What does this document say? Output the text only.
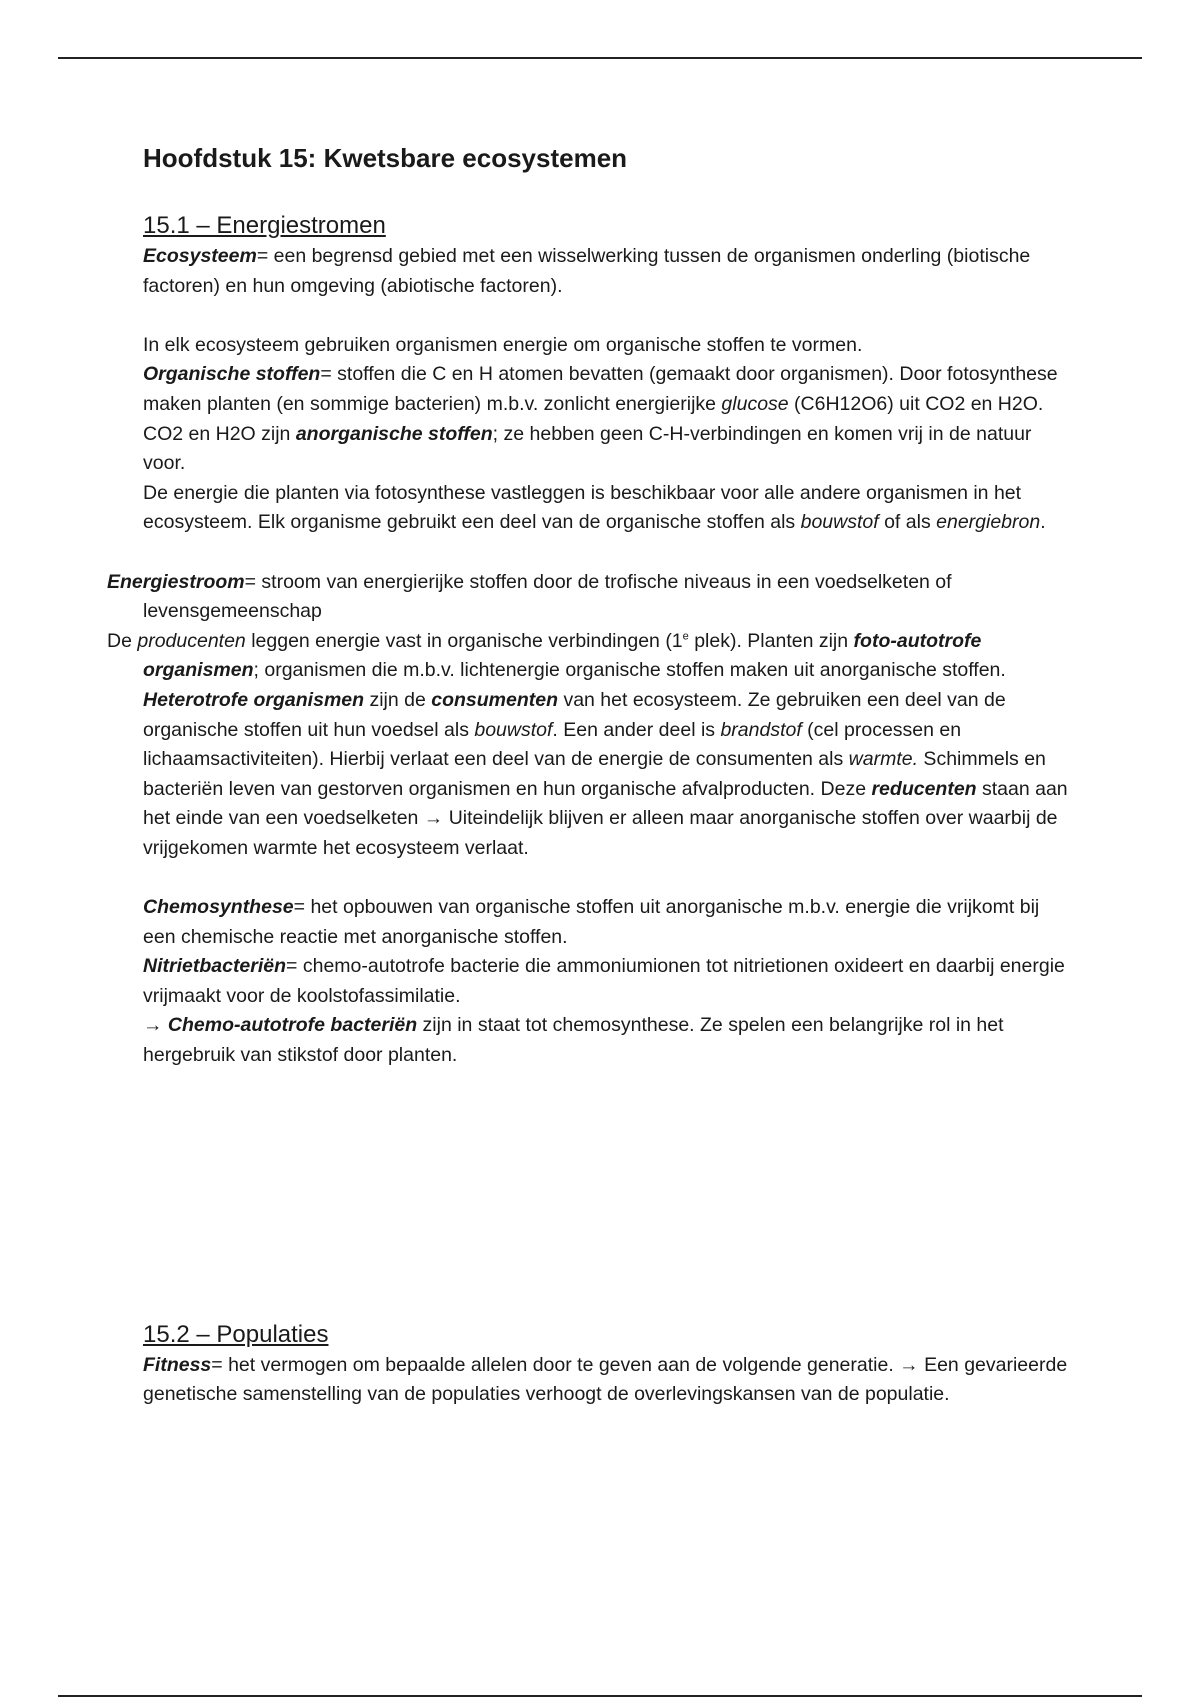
Hoofdstuk 15: Kwetsbare ecosystemen
15.1 – Energiestromen

Ecosysteem= een begrensd gebied met een wisselwerking tussen de organismen onderling (biotische factoren) en hun omgeving (abiotische factoren).

In elk ecosysteem gebruiken organismen energie om organische stoffen te vormen.

Organische stoffen= stoffen die C en H atomen bevatten (gemaakt door organismen). Door fotosynthese maken planten (en sommige bacterien) m.b.v. zonlicht energierijke glucose (C6H12O6) uit CO2 en H2O.

CO2 en H2O zijn anorganische stoffen; ze hebben geen C-H-verbindingen en komen vrij in de natuur voor.

De energie die planten via fotosynthese vastleggen is beschikbaar voor alle andere organismen in het ecosysteem. Elk organisme gebruikt een deel van de organische stoffen als bouwstof of als energiebron.

Energiestroom= stroom van energierijke stoffen door de trofische niveaus in een voedselketen of levensgemeenschap

De producenten leggen energie vast in organische verbindingen (1e plek). Planten zijn foto-autotrofe organismen; organismen die m.b.v. lichtenergie organische stoffen maken uit anorganische stoffen. Heterotrofe organismen zijn de consumenten van het ecosysteem. Ze gebruiken een deel van de organische stoffen uit hun voedsel als bouwstof. Een ander deel is brandstof (cel processen en lichaamsactiviteiten). Hierbij verlaat een deel van de energie de consumenten als warmte. Schimmels en bacteriën leven van gestorven organismen en hun organische afvalproducten. Deze reducenten staan aan het einde van een voedselketen → Uiteindelijk blijven er alleen maar anorganische stoffen over waarbij de vrijgekomen warmte het ecosysteem verlaat.

Chemosynthese= het opbouwen van organische stoffen uit anorganische m.b.v. energie die vrijkomt bij een chemische reactie met anorganische stoffen.

Nitrietbacteriën= chemo-autotrofe bacterie die ammoniumionen tot nitrietionen oxideert en daarbij energie vrijmaakt voor de koolstofassimilatie.

→ Chemo-autotrofe bacteriën zijn in staat tot chemosynthese. Ze spelen een belangrijke rol in het hergebruik van stikstof door planten.

15.2 – Populaties

Fitness= het vermogen om bepaalde allelen door te geven aan de volgende generatie. → Een gevarieerde genetische samenstelling van de populaties verhoogt de overlevingskansen van de populatie.
